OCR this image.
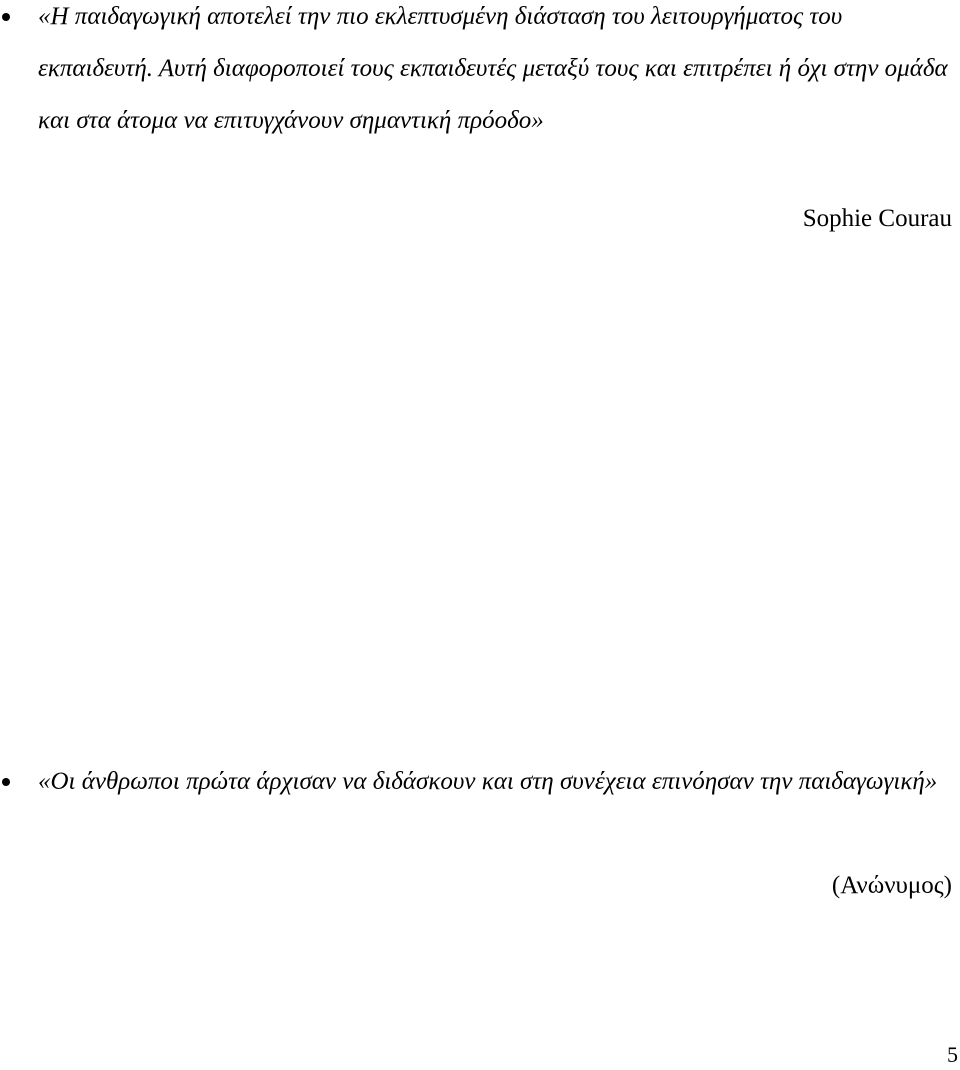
«Η παιδαγωγική αποτελεί την πιο εκλεπτυσμένη διάσταση του λειτουργήματος του εκπαιδευτή. Αυτή διαφοροποιεί τους εκπαιδευτές μεταξύ τους και επιτρέπει ή όχι στην ομάδα και στα άτομα να επιτυγχάνουν σημαντική πρόοδο»

Sophie Courau

«Οι άνθρωποι πρώτα άρχισαν να διδάσκουν και στη συνέχεια επινόησαν την παιδαγωγική»

(Ανώνυμος)
5
